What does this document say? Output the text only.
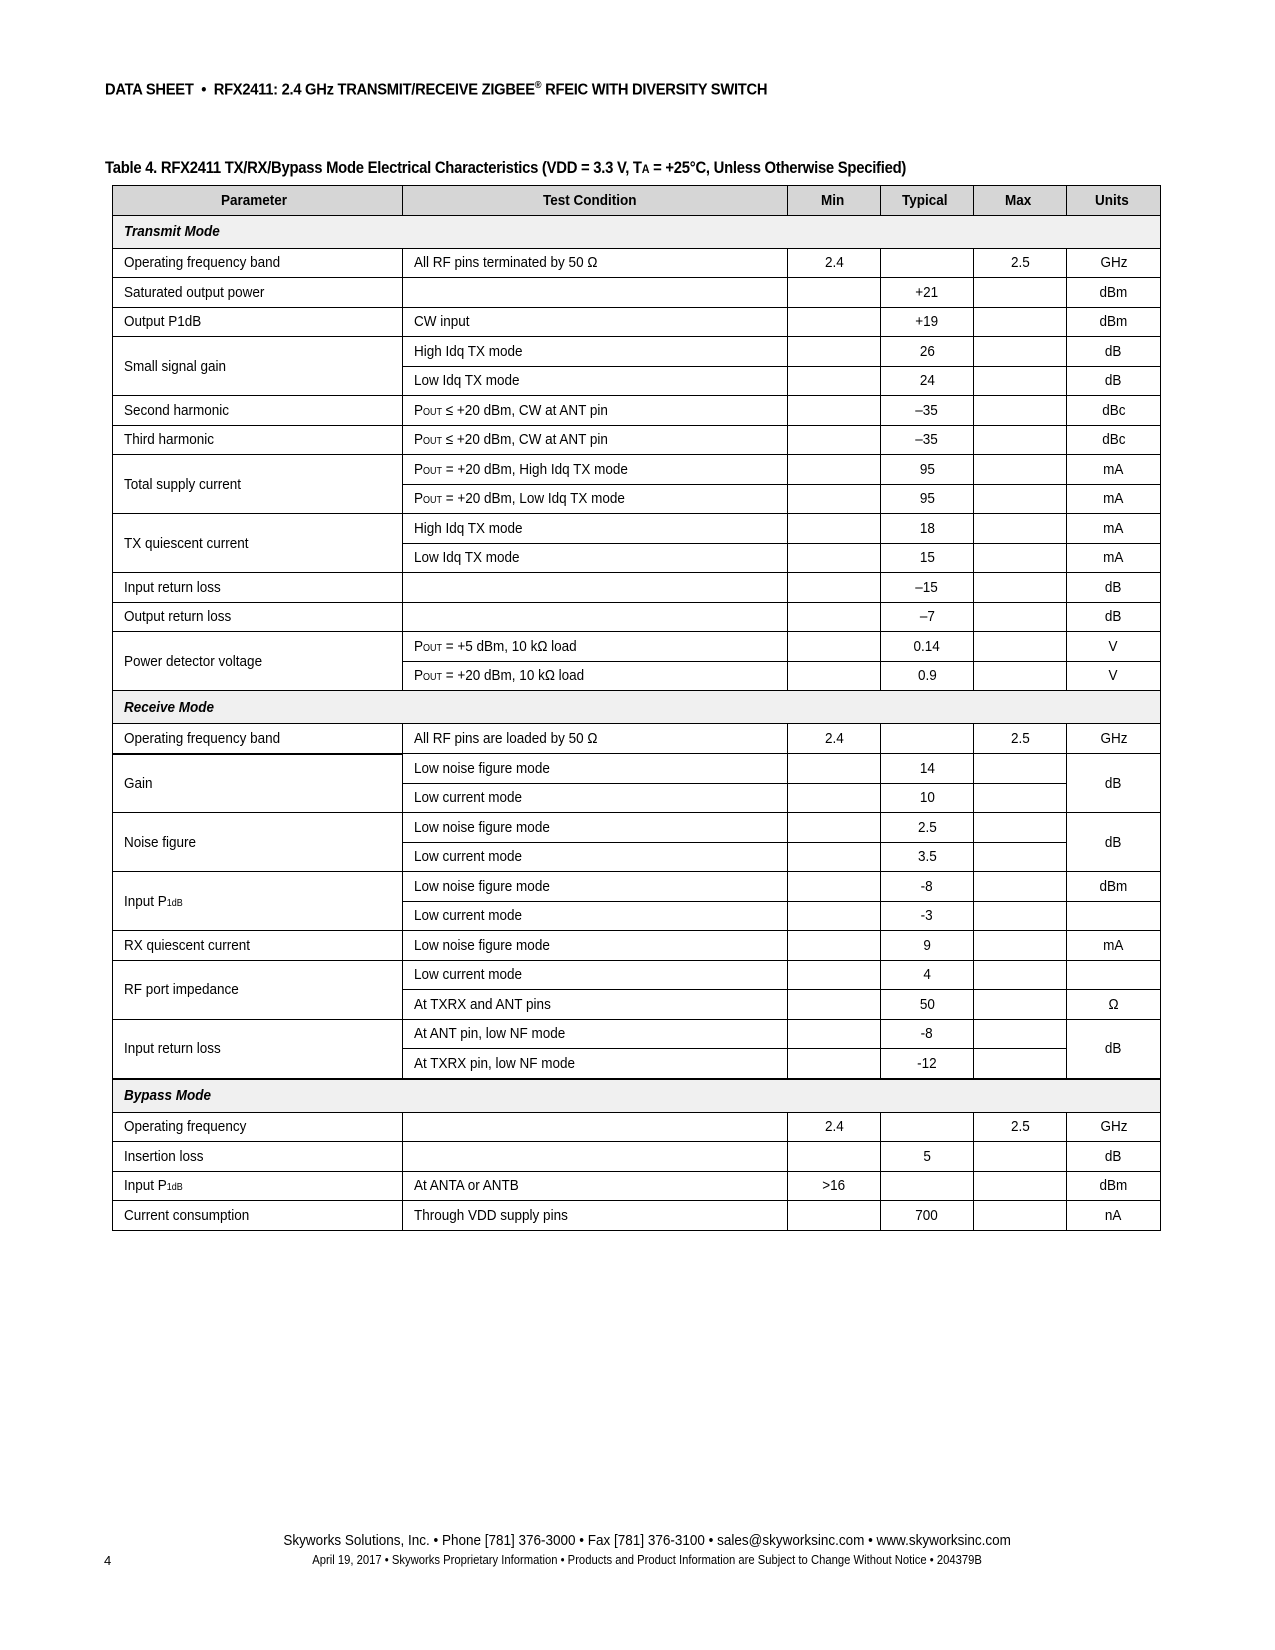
DATA SHEET • RFX2411: 2.4 GHz TRANSMIT/RECEIVE ZIGBEE® RFEIC WITH DIVERSITY SWITCH
Table 4. RFX2411 TX/RX/Bypass Mode Electrical Characteristics (VDD = 3.3 V, TA = +25°C, Unless Otherwise Specified)
Parameter	Test Condition	Min	Typical	Max	Units
Transmit Mode					
Operating frequency band	All RF pins terminated by 50 Ω	2.4		2.5	GHz
Saturated output power			+21		dBm
Output P1dB	CW input		+19		dBm
Small signal gain	High Idq TX mode		26		dB
	Low Idq TX mode		24		dB
Second harmonic	POUT ≤ +20 dBm, CW at ANT pin		–35		dBc
Third harmonic	POUT ≤ +20 dBm, CW at ANT pin		–35		dBc
Total supply current	POUT = +20 dBm, High Idq TX mode		95		mA
	POUT = +20 dBm, Low Idq TX mode		95		mA
TX quiescent current	High Idq TX mode		18		mA
	Low Idq TX mode		15		mA
Input return loss			–15		dB
Output return loss			–7		dB
Power detector voltage	POUT = +5 dBm, 10 kΩ load		0.14		V
	POUT = +20 dBm, 10 kΩ load		0.9		V
Receive Mode					
Operating frequency band	All RF pins are loaded by 50 Ω	2.4		2.5	GHz
Gain	Low noise figure mode		14		dB
	Low current mode		10		
Noise figure	Low noise figure mode		2.5		dB
	Low current mode		3.5		
Input P1dB	Low noise figure mode		-8		dBm
	Low current mode		-3		
RX quiescent current	Low noise figure mode		9		mA
RF port impedance	Low current mode		4		
	At TXRX and ANT pins		50		Ω
Input return loss	At ANT pin, low NF mode		-8		dB
	At TXRX pin, low NF mode		-12		
Bypass Mode					
Operating frequency		2.4		2.5	GHz
Insertion loss			5		dB
Input P1dB	At ANTA or ANTB	>16			dBm
Current consumption	Through VDD supply pins		700		nA
Skyworks Solutions, Inc. • Phone [781] 376-3000 • Fax [781] 376-3100 • sales@skyworksinc.com • www.skyworksinc.com
4	April 19, 2017 • Skyworks Proprietary Information • Products and Product Information are Subject to Change Without Notice • 204379B
